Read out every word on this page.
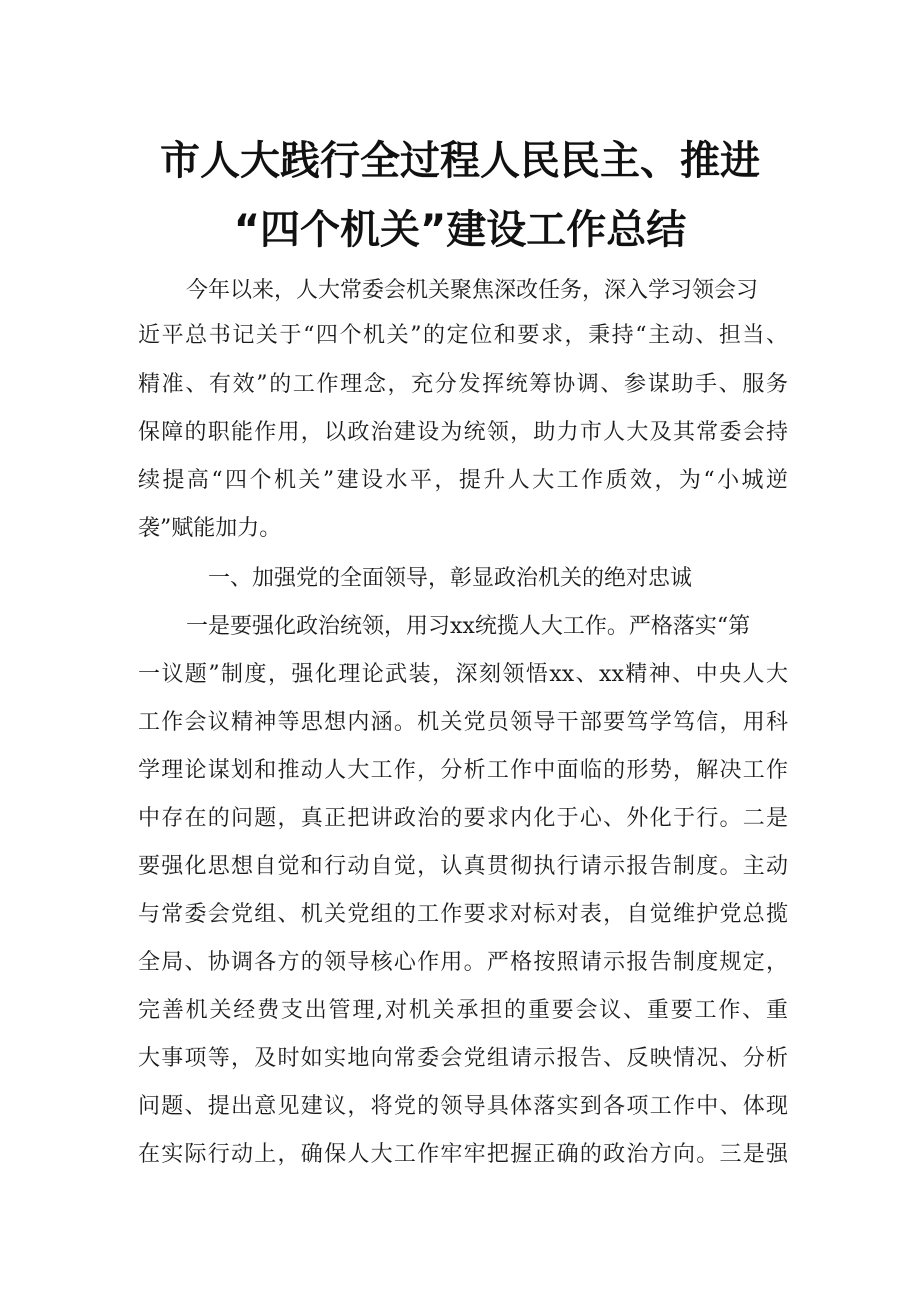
市人大践行全过程人民民主、推进
“四个机关”建设工作总结
今年以来，人大常委会机关聚焦深改任务，深入学习领会习
近平总书记关于“四个机关”的定位和要求，秉持“主动、担当、
精准、有效”的工作理念，充分发挥统筹协调、参谋助手、服务
保障的职能作用，以政治建设为统领，助力市人大及其常委会持
续提高“四个机关”建设水平，提升人大工作质效，为“小城逆
袭”赋能加力。
一、加强党的全面领导，彰显政治机关的绝对忠诚
一是要强化政治统领，用习xx统揽人大工作。严格落实“第
一议题”制度，强化理论武装，深刻领悟xx、xx精神、中央人大
工作会议精神等思想内涵。机关党员领导干部要笃学笃信，用科
学理论谋划和推动人大工作，分析工作中面临的形势，解决工作
中存在的问题，真正把讲政治的要求内化于心、外化于行。二是
要强化思想自觉和行动自觉，认真贯彻执行请示报告制度。主动
与常委会党组、机关党组的工作要求对标对表，自觉维护党总揽
全局、协调各方的领导核心作用。严格按照请示报告制度规定，
完善机关经费支出管理,对机关承担的重要会议、重要工作、重
大事项等，及时如实地向常委会党组请示报告、反映情况、分析
问题、提出意见建议，将党的领导具体落实到各项工作中、体现
在实际行动上，确保人大工作牢牢把握正确的政治方向。三是强
